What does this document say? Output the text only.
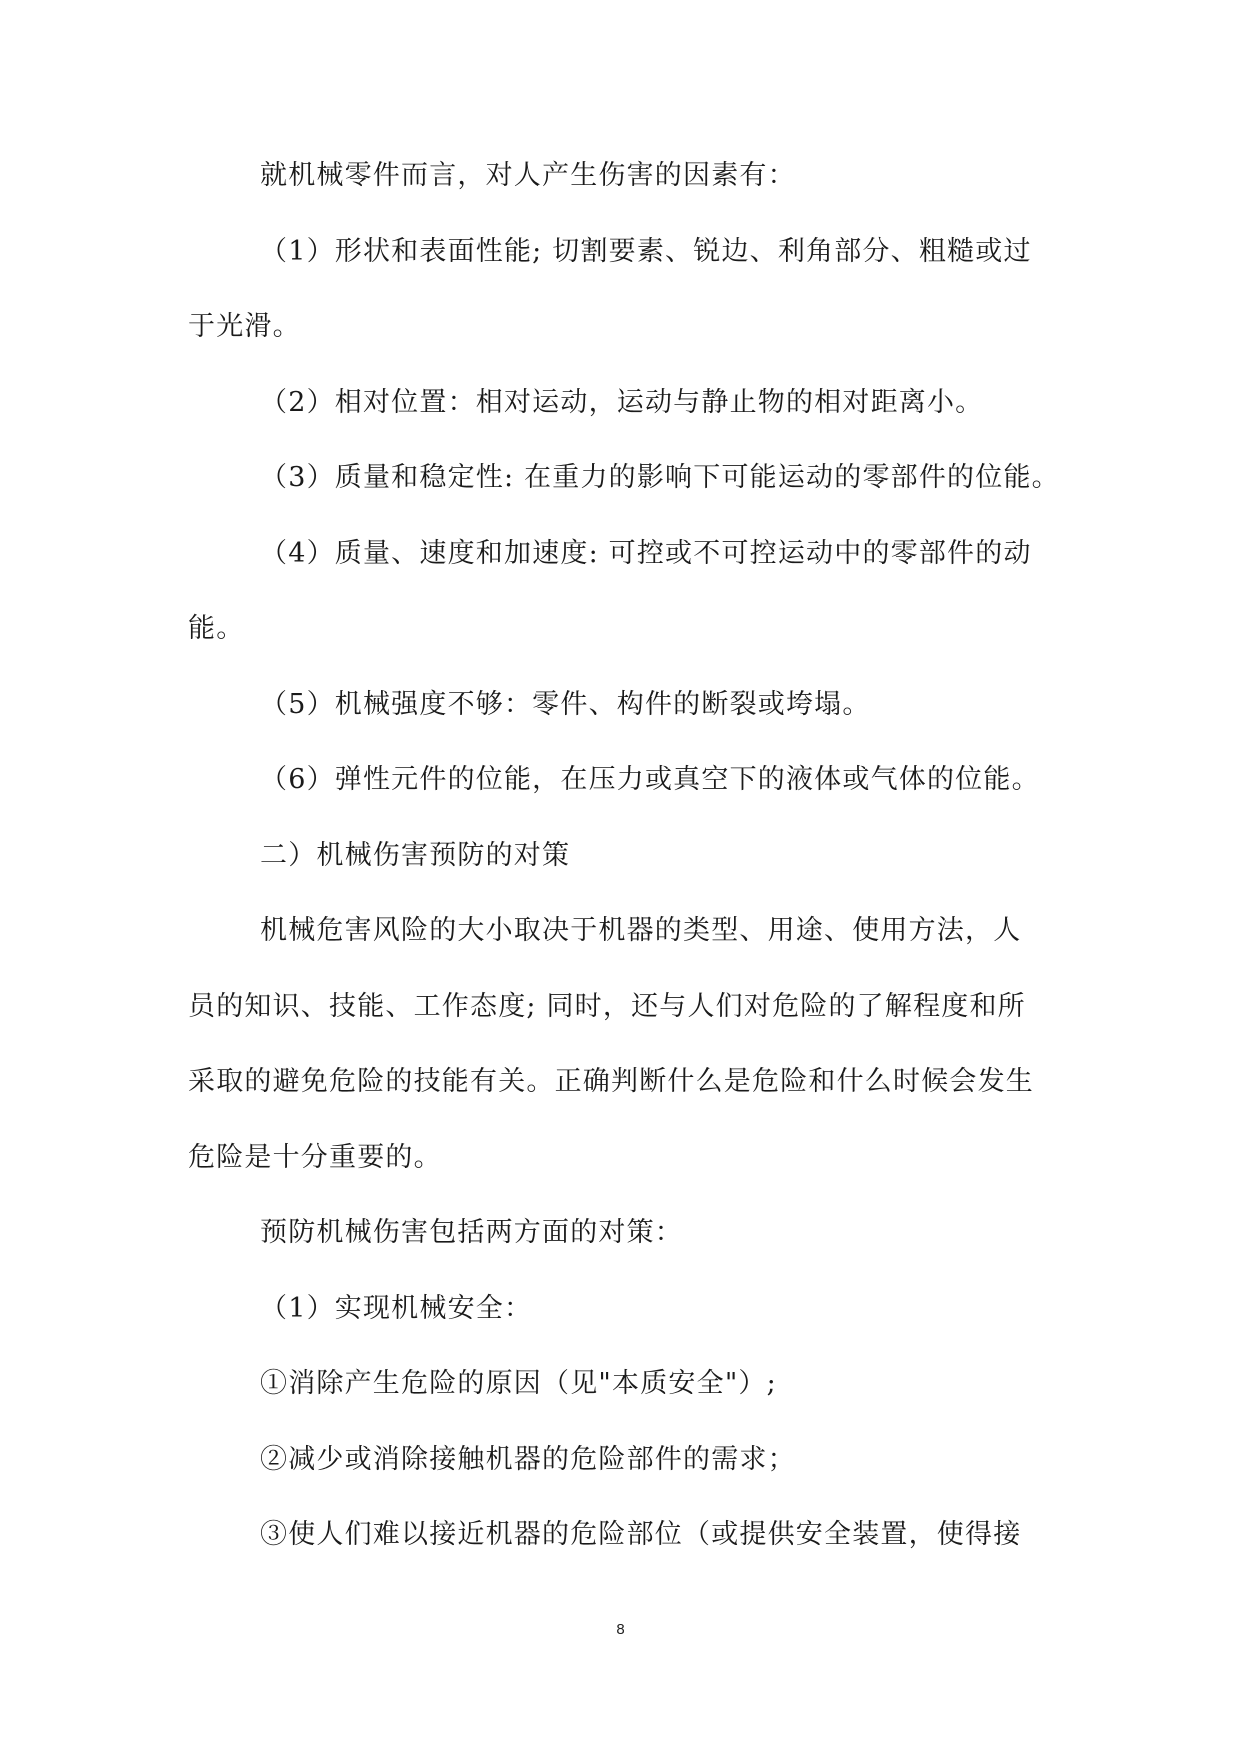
就机械零件而言，对人产生伤害的因素有：

（1）形状和表面性能; 切割要素、锐边、利角部分、粗糙或过

于光滑。

（2）相对位置：相对运动，运动与静止物的相对距离小。

（3）质量和稳定性: 在重力的影响下可能运动的零部件的位能。

（4）质量、速度和加速度: 可控或不可控运动中的零部件的动

能。

（5）机械强度不够：零件、构件的断裂或垮塌。

（6）弹性元件的位能，在压力或真空下的液体或气体的位能。

二）机械伤害预防的对策

机械危害风险的大小取决于机器的类型、用途、使用方法，人

员的知识、技能、工作态度; 同时，还与人们对危险的了解程度和所

采取的避免危险的技能有关。正确判断什么是危险和什么时候会发生

危险是十分重要的。

预防机械伤害包括两方面的对策：

（1）实现机械安全：

①消除产生危险的原因（见"本质安全"）;

②减少或消除接触机器的危险部件的需求；

③使人们难以接近机器的危险部位（或提供安全装置，使得接

8
